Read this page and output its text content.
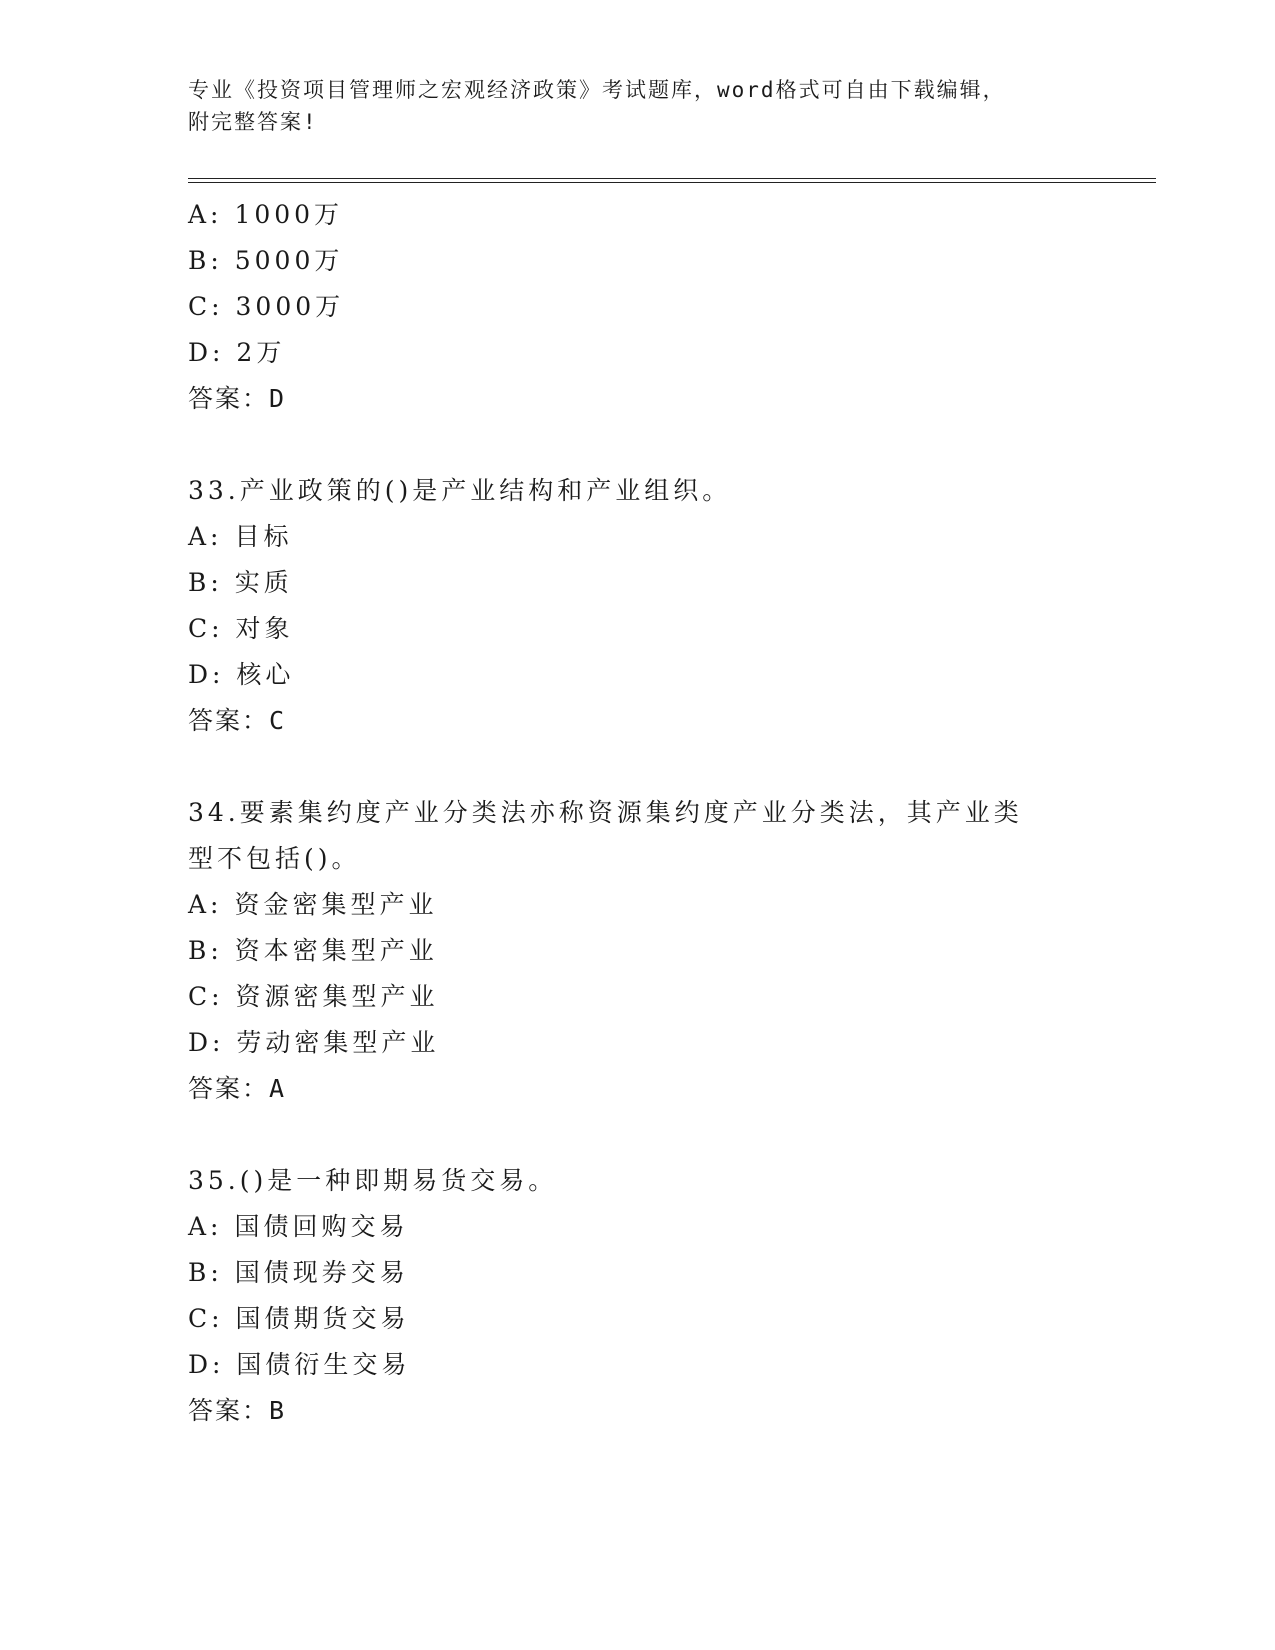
专业《投资项目管理师之宏观经济政策》考试题库，word格式可自由下载编辑，
附完整答案!
A: 1000万
B: 5000万
C: 3000万
D: 2万
答案：D
33.产业政策的()是产业结构和产业组织。
A: 目标
B: 实质
C: 对象
D: 核心
答案：C
34.要素集约度产业分类法亦称资源集约度产业分类法，其产业类型不包括()。
A: 资金密集型产业
B: 资本密集型产业
C: 资源密集型产业
D: 劳动密集型产业
答案：A
35.()是一种即期易货交易。
A: 国债回购交易
B: 国债现券交易
C: 国债期货交易
D: 国债衍生交易
答案：B
